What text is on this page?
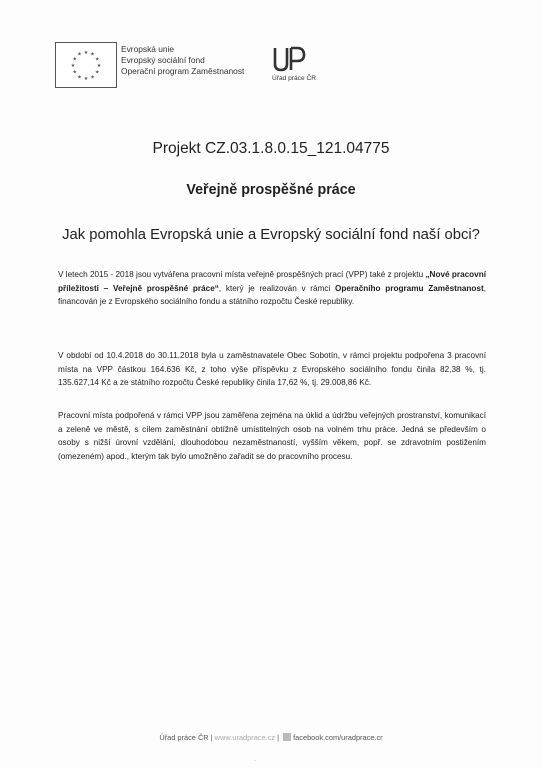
★
★
★
★
★
★
★
★
★ ★ ★
★
Evropská unie
Evropský sociální fond
Operační program Zaměstnanost
Úřad práce ČR
Projekt CZ.03.1.8.0.15_121.04775
Veřejně prospěšné práce
Jak pomohla Evropská unie a Evropský sociální fond naší obci?
V letech 2015 - 2018 jsou vytvářena pracovní místa veřejně prospěšných prací (VPP) také z projektu „Nové pracovní příležitosti – Veřejně prospěšné práce“, který je realizován v rámci Operačního programu Zaměstnanost, financován je z Evropského sociálního fondu a státního rozpočtu České republiky.
V období od 10.4.2018 do 30.11.2018 byla u zaměstnavatele Obec Sobotín, v rámci projektu podpořena 3 pracovní místa na VPP částkou 164.636 Kč, z toho výše příspěvku z Evropského sociálního fondu činila 82,38 %, tj. 135.627,14 Kč a ze státního rozpočtu České republiky činila 17,62 %, tj. 29.008,86 Kč.
Pracovní místa podpořená v rámci VPP jsou zaměřena zejména na úklid a údržbu veřejných prostranství, komunikací a zeleně ve městě, s cílem zaměstnání obtížně umístitelných osob na volném trhu práce. Jedná se především o osoby s nižší úrovní vzdělání, dlouhodobou nezaměstnaností, vyšším věkem, popř. se zdravotním postižením (omezeném) apod., kterým tak bylo umožněno zařadit se do pracovního procesu.
Úřad práce ČR | www.uradprace.cz | facebook.com/uradprace.cr
-
